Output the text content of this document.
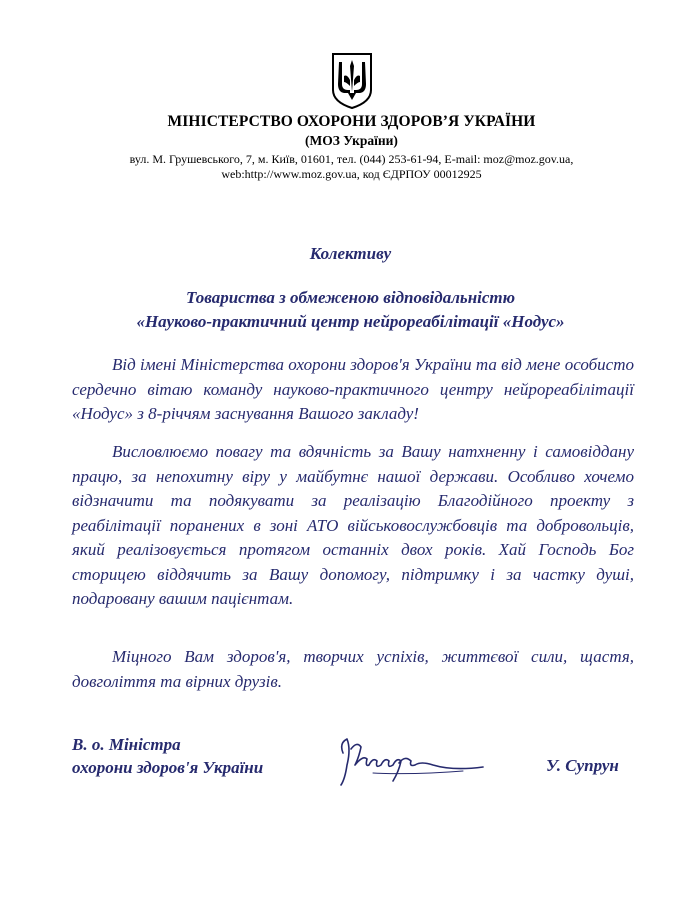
МІНІСТЕРСТВО ОХОРОНИ ЗДОРОВ’Я УКРАЇНИ
(МОЗ України)
вул. М. Грушевського, 7, м. Київ, 01601, тел. (044) 253-61-94, E-mail: moz@moz.gov.ua,
web:http://www.moz.gov.ua, код ЄДРПОУ 00012925
Колективу
Товариства з обмеженою відповідальністю
«Науково-практичний центр нейрореабілітації «Нодус»

Від імені Міністерства охорони здоров'я України та від мене особисто сердечно вітаю команду науково-практичного центру нейрореабілітації «Нодус» з 8-річчям заснування Вашого закладу!

Висловлюємо повагу та вдячність за Вашу натхненну і самовіддану працю, за непохитну віру у майбутнє нашої держави. Особливо хочемо відзначити та подякувати за реалізацію Благодійного проекту з реабілітації поранених в зоні АТО військовослужбовців та добровольців, який реалізовується протягом останніх двох років. Хай Господь Бог сторицею віддячить за Вашу допомогу, підтримку і за частку душі, подаровану вашим пацієнтам.

Міцного Вам здоров'я, творчих успіхів, життєвої сили, щастя, довголіття та вірних друзів.

В. о. Міністра
охорони здоров'я України	У. Супрун
